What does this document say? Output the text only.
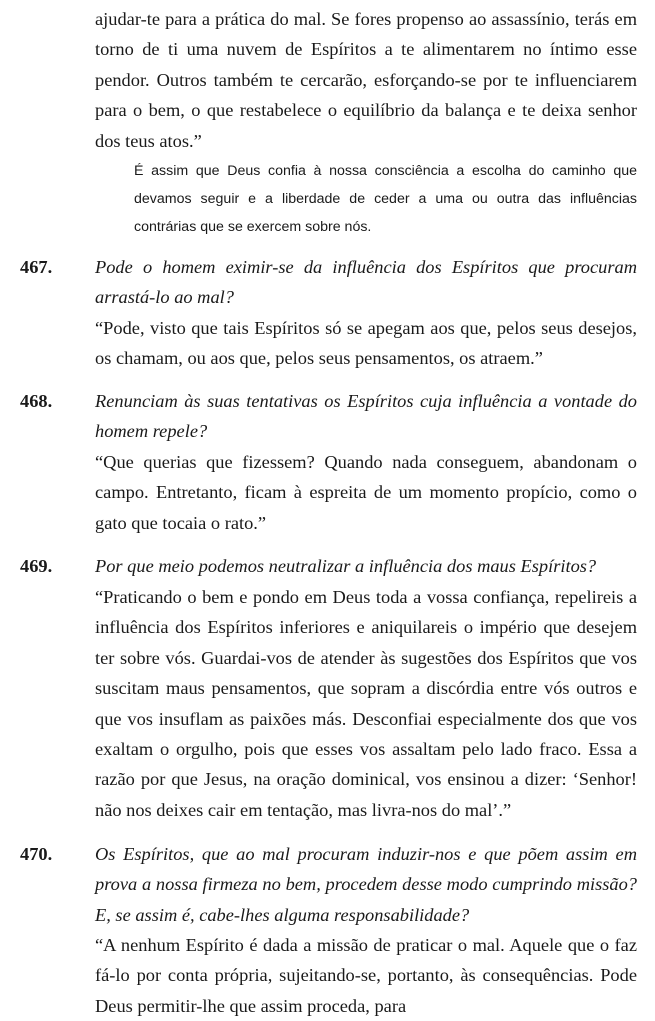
ajudar-te para a prática do mal. Se fores propenso ao assassínio, terás em torno de ti uma nuvem de Espíritos a te alimentarem no íntimo esse pendor. Outros também te cercarão, esforçando-se por te influenciarem para o bem, o que restabelece o equilíbrio da balança e te deixa senhor dos teus atos.”

É assim que Deus confia à nossa consciência a escolha do caminho que devamos seguir e a liberdade de ceder a uma ou outra das influências contrárias que se exercem sobre nós.

467. Pode o homem eximir-se da influência dos Espíritos que procuram arrastá-lo ao mal?

“Pode, visto que tais Espíritos só se apegam aos que, pelos seus desejos, os chamam, ou aos que, pelos seus pensamentos, os atraem.”

468. Renunciam às suas tentativas os Espíritos cuja influência a vontade do homem repele?

“Que querias que fizessem? Quando nada conseguem, abandonam o campo. Entretanto, ficam à espreita de um momento propício, como o gato que tocaia o rato.”

469. Por que meio podemos neutralizar a influência dos maus Espíritos?

“Praticando o bem e pondo em Deus toda a vossa confiança, repelireis a influência dos Espíritos inferiores e aniquilareis o império que desejem ter sobre vós. Guardai-vos de atender às sugestões dos Espíritos que vos suscitam maus pensamentos, que sopram a discórdia entre vós outros e que vos insuflam as paixões más. Desconfiai especialmente dos que vos exaltam o orgulho, pois que esses vos assaltam pelo lado fraco. Essa a razão por que Jesus, na oração dominical, vos ensinou a dizer: ‘Senhor! não nos deixes cair em tentação, mas livra-nos do mal’.”

470. Os Espíritos, que ao mal procuram induzir-nos e que põem assim em prova a nossa firmeza no bem, procedem desse modo cumprindo missão? E, se assim é, cabe-lhes alguma responsabilidade?

“A nenhum Espírito é dada a missão de praticar o mal. Aquele que o faz fá-lo por conta própria, sujeitando-se, portanto, às consequências. Pode Deus permitir-lhe que assim proceda, para
